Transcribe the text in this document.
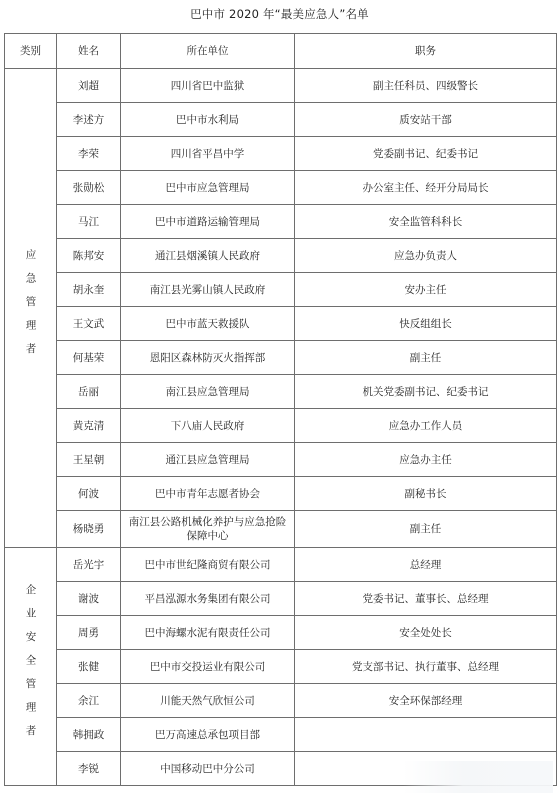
巴中市 2020 年“最美应急人”名单
类别	姓名	所在单位	职务
应急管理者	刘超	四川省巴中监狱	副主任科员、四级警长
	李述方	巴中市水利局	质安站干部
	李荣	四川省平昌中学	党委副书记、纪委书记
	张勋松	巴中市应急管理局	办公室主任、经开分局局长
	马江	巴中市道路运输管理局	安全监管科科长
	陈邦安	通江县烟溪镇人民政府	应急办负责人
	胡永奎	南江县光雾山镇人民政府	安办主任
	王文武	巴中市蓝天救援队	快反组组长
	何基荣	恩阳区森林防灭火指挥部	副主任
	岳丽	南江县应急管理局	机关党委副书记、纪委书记
	黄克清	下八庙人民政府	应急办工作人员
	王星朝	通江县应急管理局	应急办主任
	何波	巴中市青年志愿者协会	副秘书长
	杨晓勇	南江县公路机械化养护与应急抢险保障中心	副主任
企业安全管理者	岳光宇	巴中市世纪隆商贸有限公司	总经理
	谢波	平昌泓源水务集团有限公司	党委书记、董事长、总经理
	周勇	巴中海螺水泥有限责任公司	安全处处长
	张健	巴中市交投运业有限公司	党支部书记、执行董事、总经理
	余江	川能天然气欣恒公司	安全环保部经理
	韩拥政	巴万高速总承包项目部	
	李锐	中国移动巴中分公司	
